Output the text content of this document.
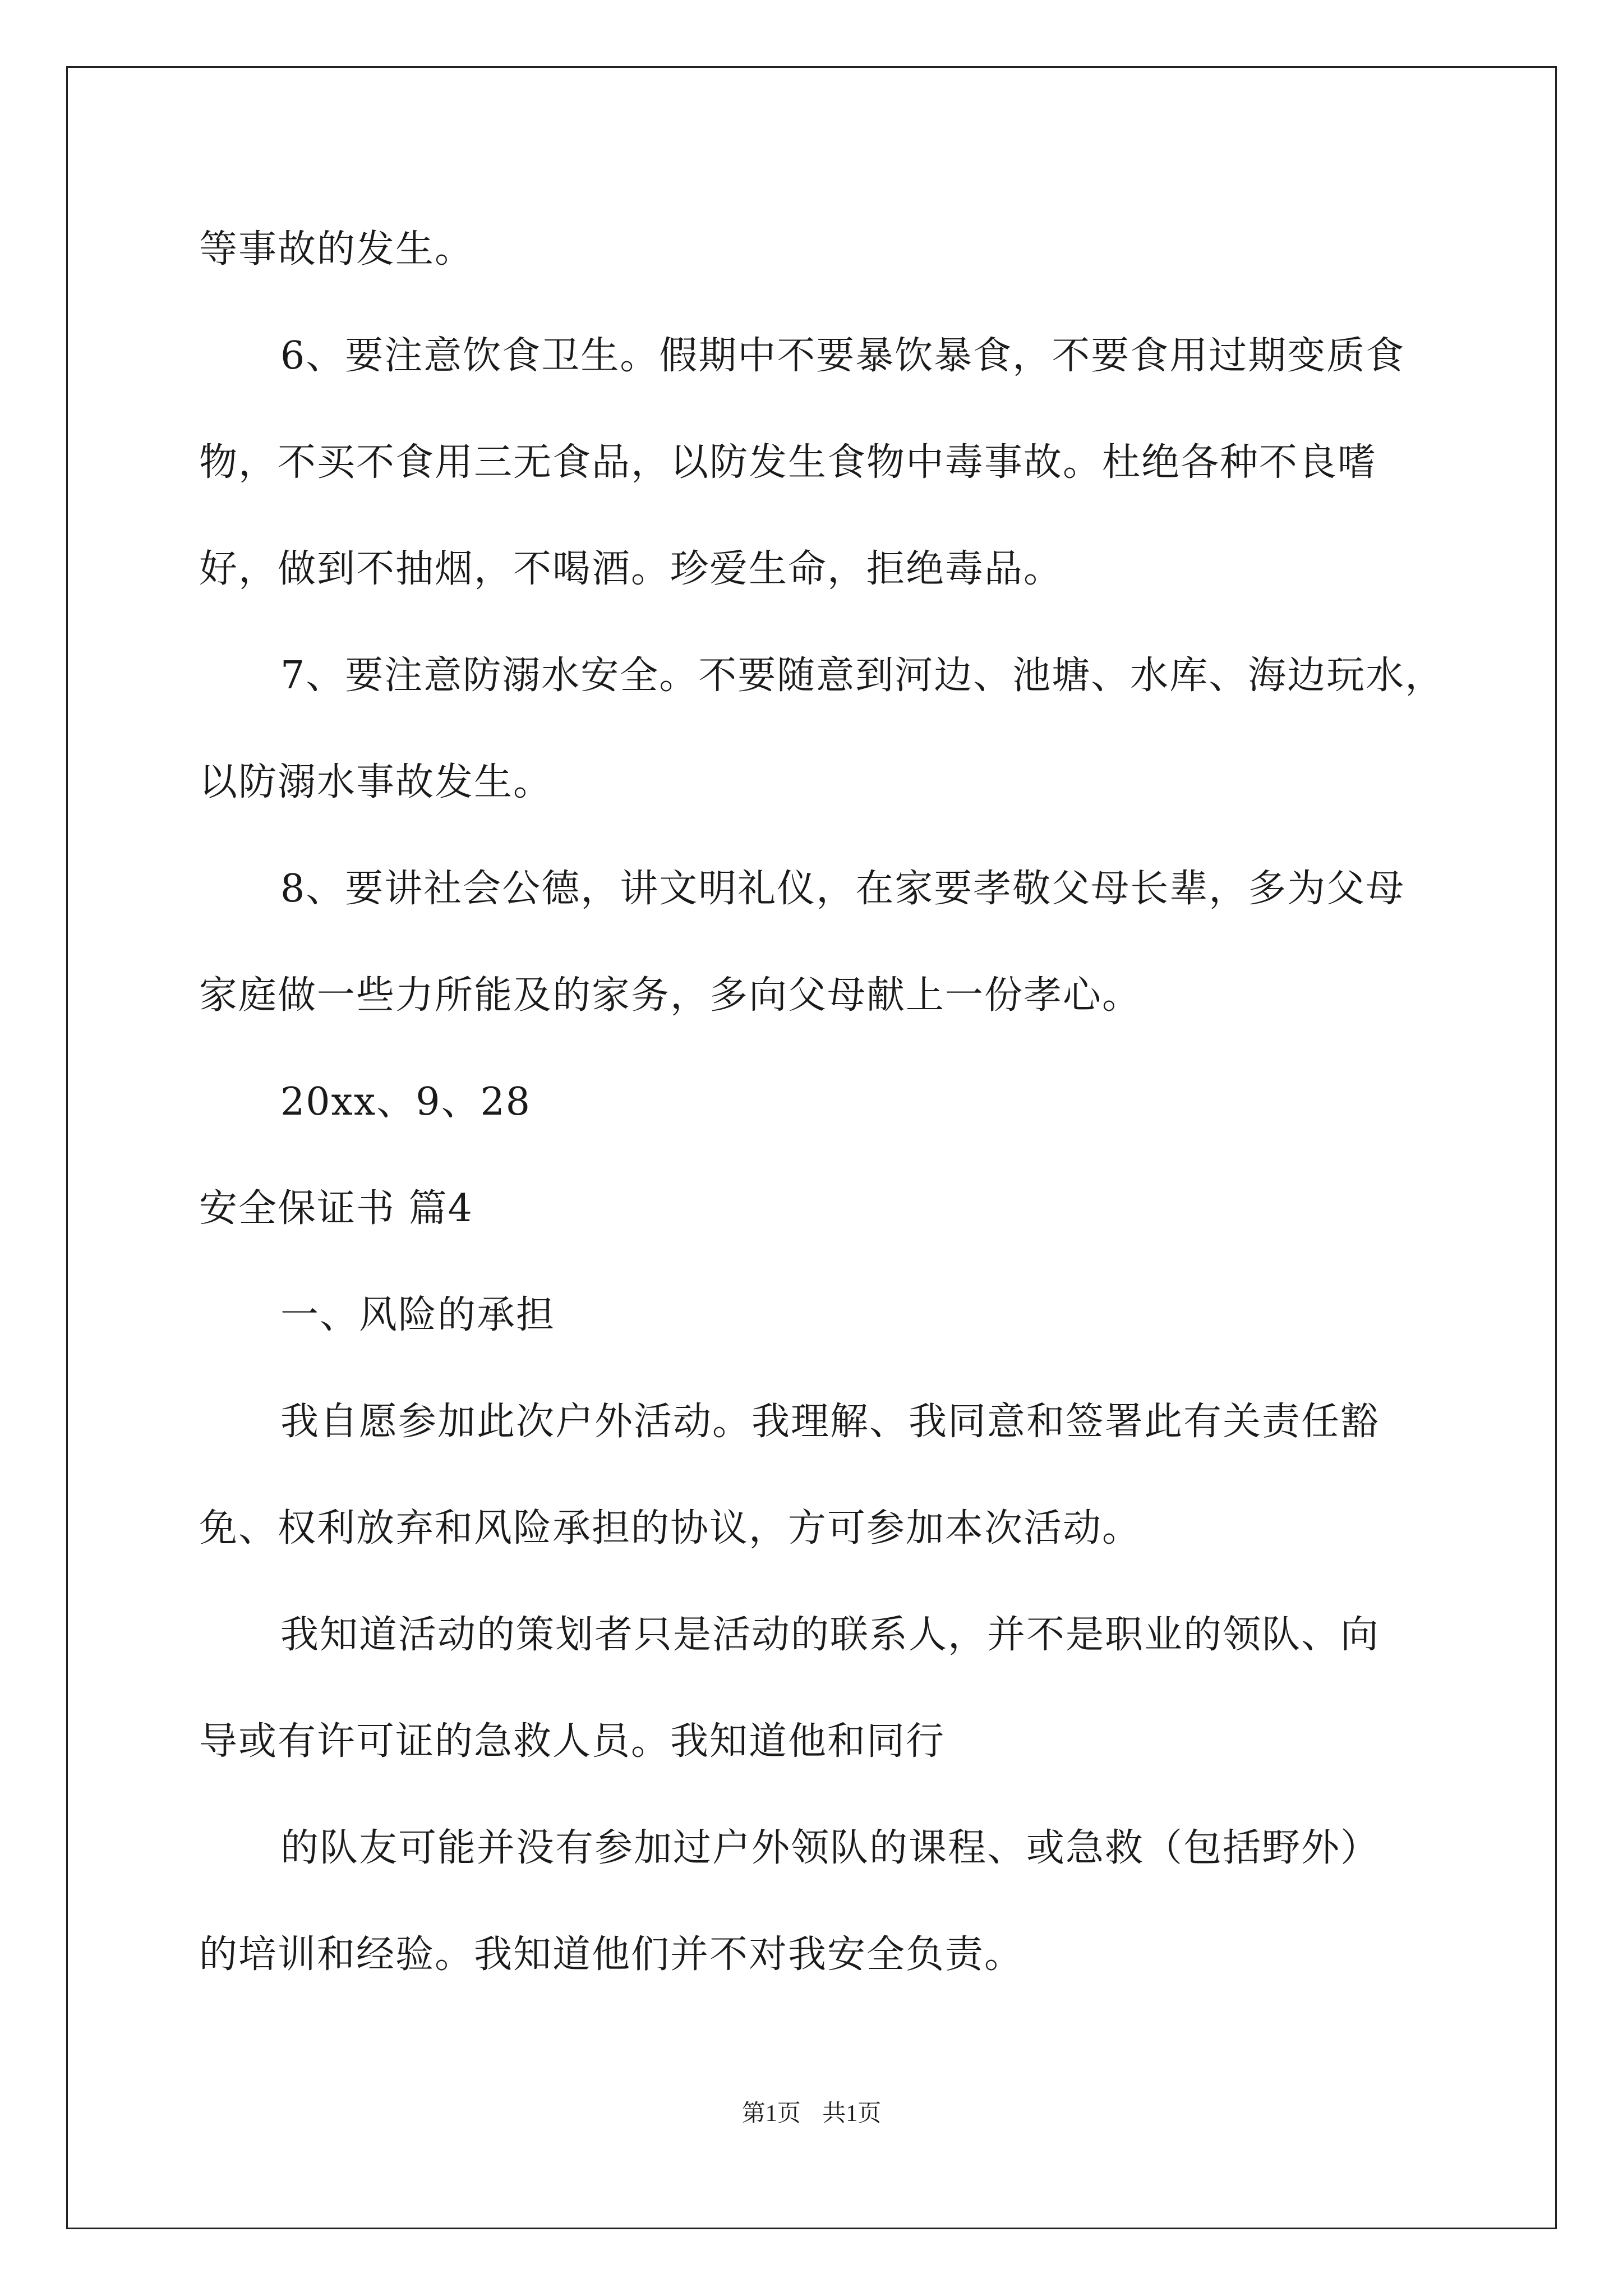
等事故的发生。
6、要注意饮食卫生。假期中不要暴饮暴食，不要食用过期变质食
物，不买不食用三无食品，以防发生食物中毒事故。杜绝各种不良嗜
好，做到不抽烟，不喝酒。珍爱生命，拒绝毒品。
7、要注意防溺水安全。不要随意到河边、池塘、水库、海边玩水，
以防溺水事故发生。
8、要讲社会公德，讲文明礼仪，在家要孝敬父母长辈，多为父母
家庭做一些力所能及的家务，多向父母献上一份孝心。
20xx、9、28
安全保证书 篇4
一、风险的承担
我自愿参加此次户外活动。我理解、我同意和签署此有关责任豁
免、权利放弃和风险承担的协议，方可参加本次活动。
我知道活动的策划者只是活动的联系人，并不是职业的领队、向
导或有许可证的急救人员。我知道他和同行
的队友可能并没有参加过户外领队的课程、或急救（包括野外）
的培训和经验。我知道他们并不对我安全负责。
第1页 共1页
